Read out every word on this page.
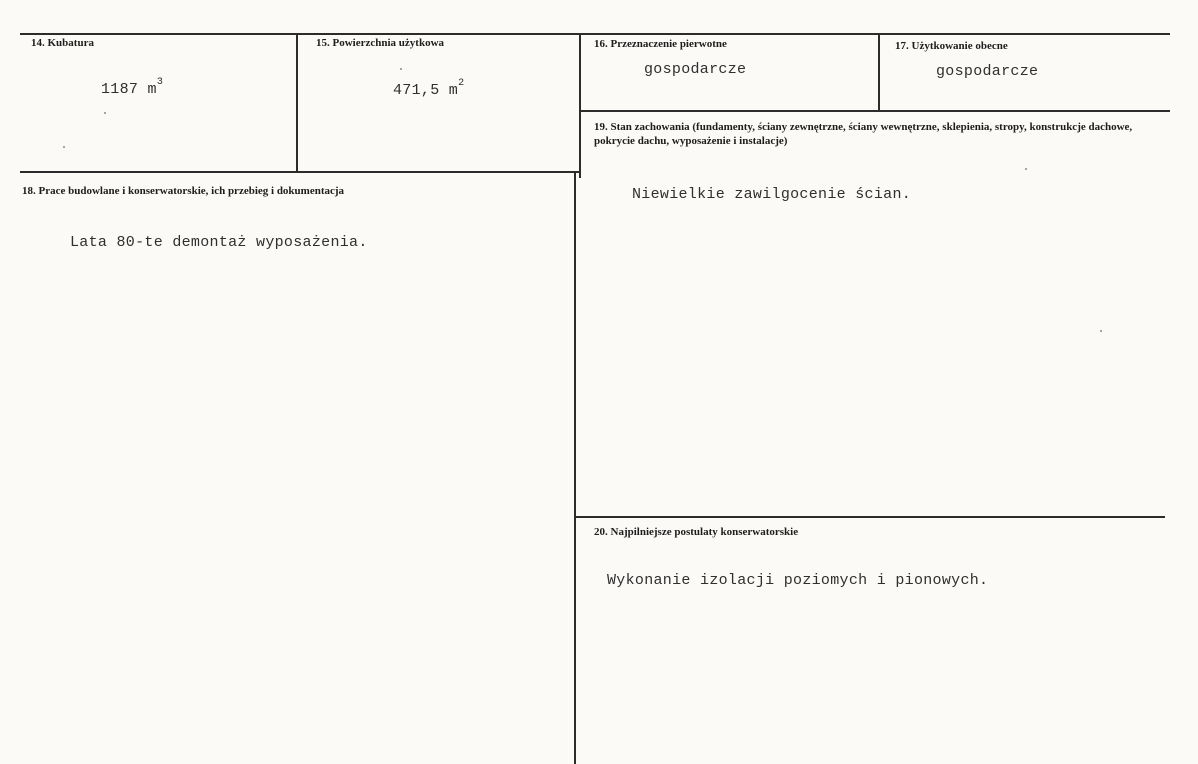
14. Kubatura
1187 $m^3$
15. Powierzchnia użytkowa
471,5 $m^2$
16. Przeznaczenie pierwotne
gospodarcze
17. Użytkowanie obecne
gospodarcze
19. Stan zachowania (fundamenty, ściany zewnętrzne, ściany wewnętrzne, sklepienia, stropy, konstrukcje dachowe, pokrycie dachu, wyposażenie i instalacje)
Niewielkie zawilgocenie ścian.
18. Prace budowlane i konserwatorskie, ich przebieg i dokumentacja
Lata 80-te demontaż wyposażenia.
20. Najpilniejsze postulaty konserwatorskie
Wykonanie izolacji poziomych i pionowych.
